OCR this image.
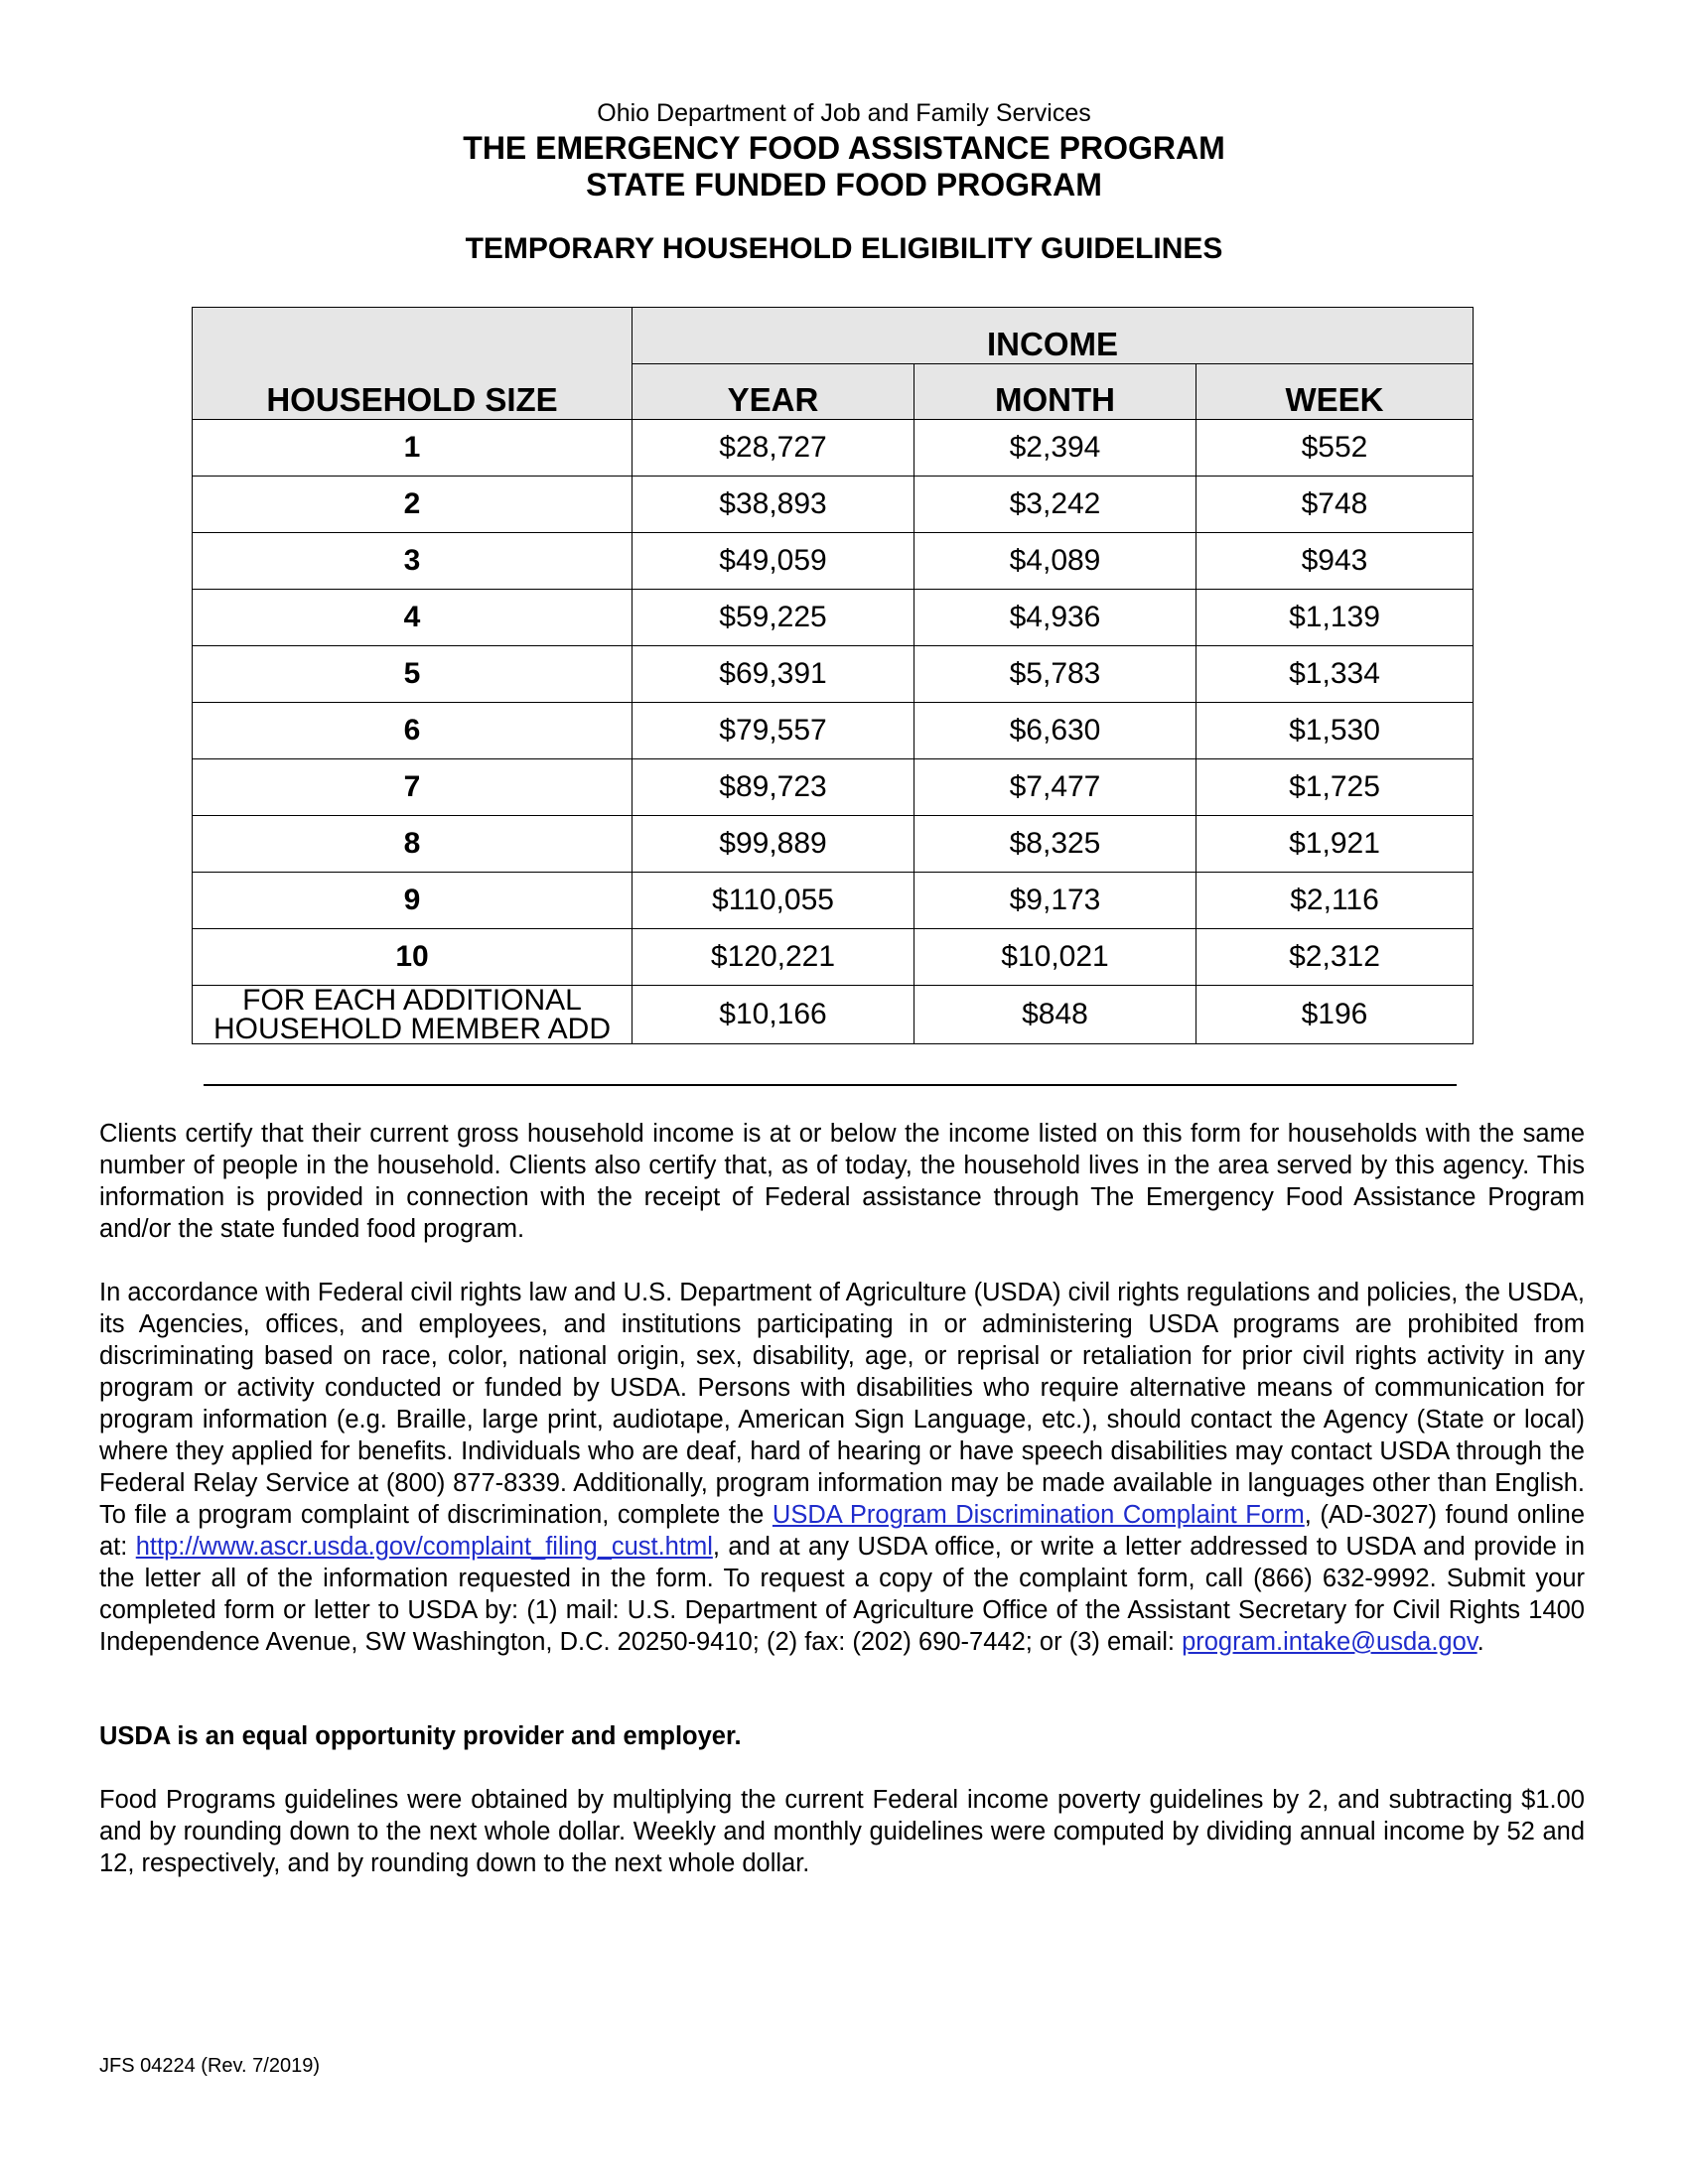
Ohio Department of Job and Family Services
THE EMERGENCY FOOD ASSISTANCE PROGRAM
STATE FUNDED FOOD PROGRAM
TEMPORARY HOUSEHOLD ELIGIBILITY GUIDELINES
HOUSEHOLD SIZE	INCOME		
	YEAR	MONTH	WEEK
1	$28,727	$2,394	$552
2	$38,893	$3,242	$748
3	$49,059	$4,089	$943
4	$59,225	$4,936	$1,139
5	$69,391	$5,783	$1,334
6	$79,557	$6,630	$1,530
7	$89,723	$7,477	$1,725
8	$99,889	$8,325	$1,921
9	$110,055	$9,173	$2,116
10	$120,221	$10,021	$2,312

FOR EACH ADDITIONAL
HOUSEHOLD MEMBER ADD	$10,166	$848	$196
Clients certify that their current gross household income is at or below the income listed on this form for households with the same number of people in the household. Clients also certify that, as of today, the household lives in the area served by this agency. This information is provided in connection with the receipt of Federal assistance through The Emergency Food Assistance Program and/or the state funded food program.
In accordance with Federal civil rights law and U.S. Department of Agriculture (USDA) civil rights regulations and policies, the USDA, its Agencies, offices, and employees, and institutions participating in or administering USDA programs are prohibited from discriminating based on race, color, national origin, sex, disability, age, or reprisal or retaliation for prior civil rights activity in any program or activity conducted or funded by USDA. Persons with disabilities who require alternative means of communication for program information (e.g. Braille, large print, audiotape, American Sign Language, etc.), should contact the Agency (State or local) where they applied for benefits. Individuals who are deaf, hard of hearing or have speech disabilities may contact USDA through the Federal Relay Service at (800) 877-8339. Additionally, program information may be made available in languages other than English. To file a program complaint of discrimination, complete the USDA Program Discrimination Complaint Form, (AD-3027) found online at: http://www.ascr.usda.gov/complaint_filing_cust.html, and at any USDA office, or write a letter addressed to USDA and provide in the letter all of the information requested in the form. To request a copy of the complaint form, call (866) 632-9992. Submit your completed form or letter to USDA by: (1) mail: U.S. Department of Agriculture Office of the Assistant Secretary for Civil Rights 1400 Independence Avenue, SW Washington, D.C. 20250-9410; (2) fax: (202) 690-7442; or (3) email: program.intake@usda.gov.
USDA is an equal opportunity provider and employer.
Food Programs guidelines were obtained by multiplying the current Federal income poverty guidelines by 2, and subtracting $1.00 and by rounding down to the next whole dollar. Weekly and monthly guidelines were computed by dividing annual income by 52 and 12, respectively, and by rounding down to the next whole dollar.
JFS 04224 (Rev. 7/2019)
